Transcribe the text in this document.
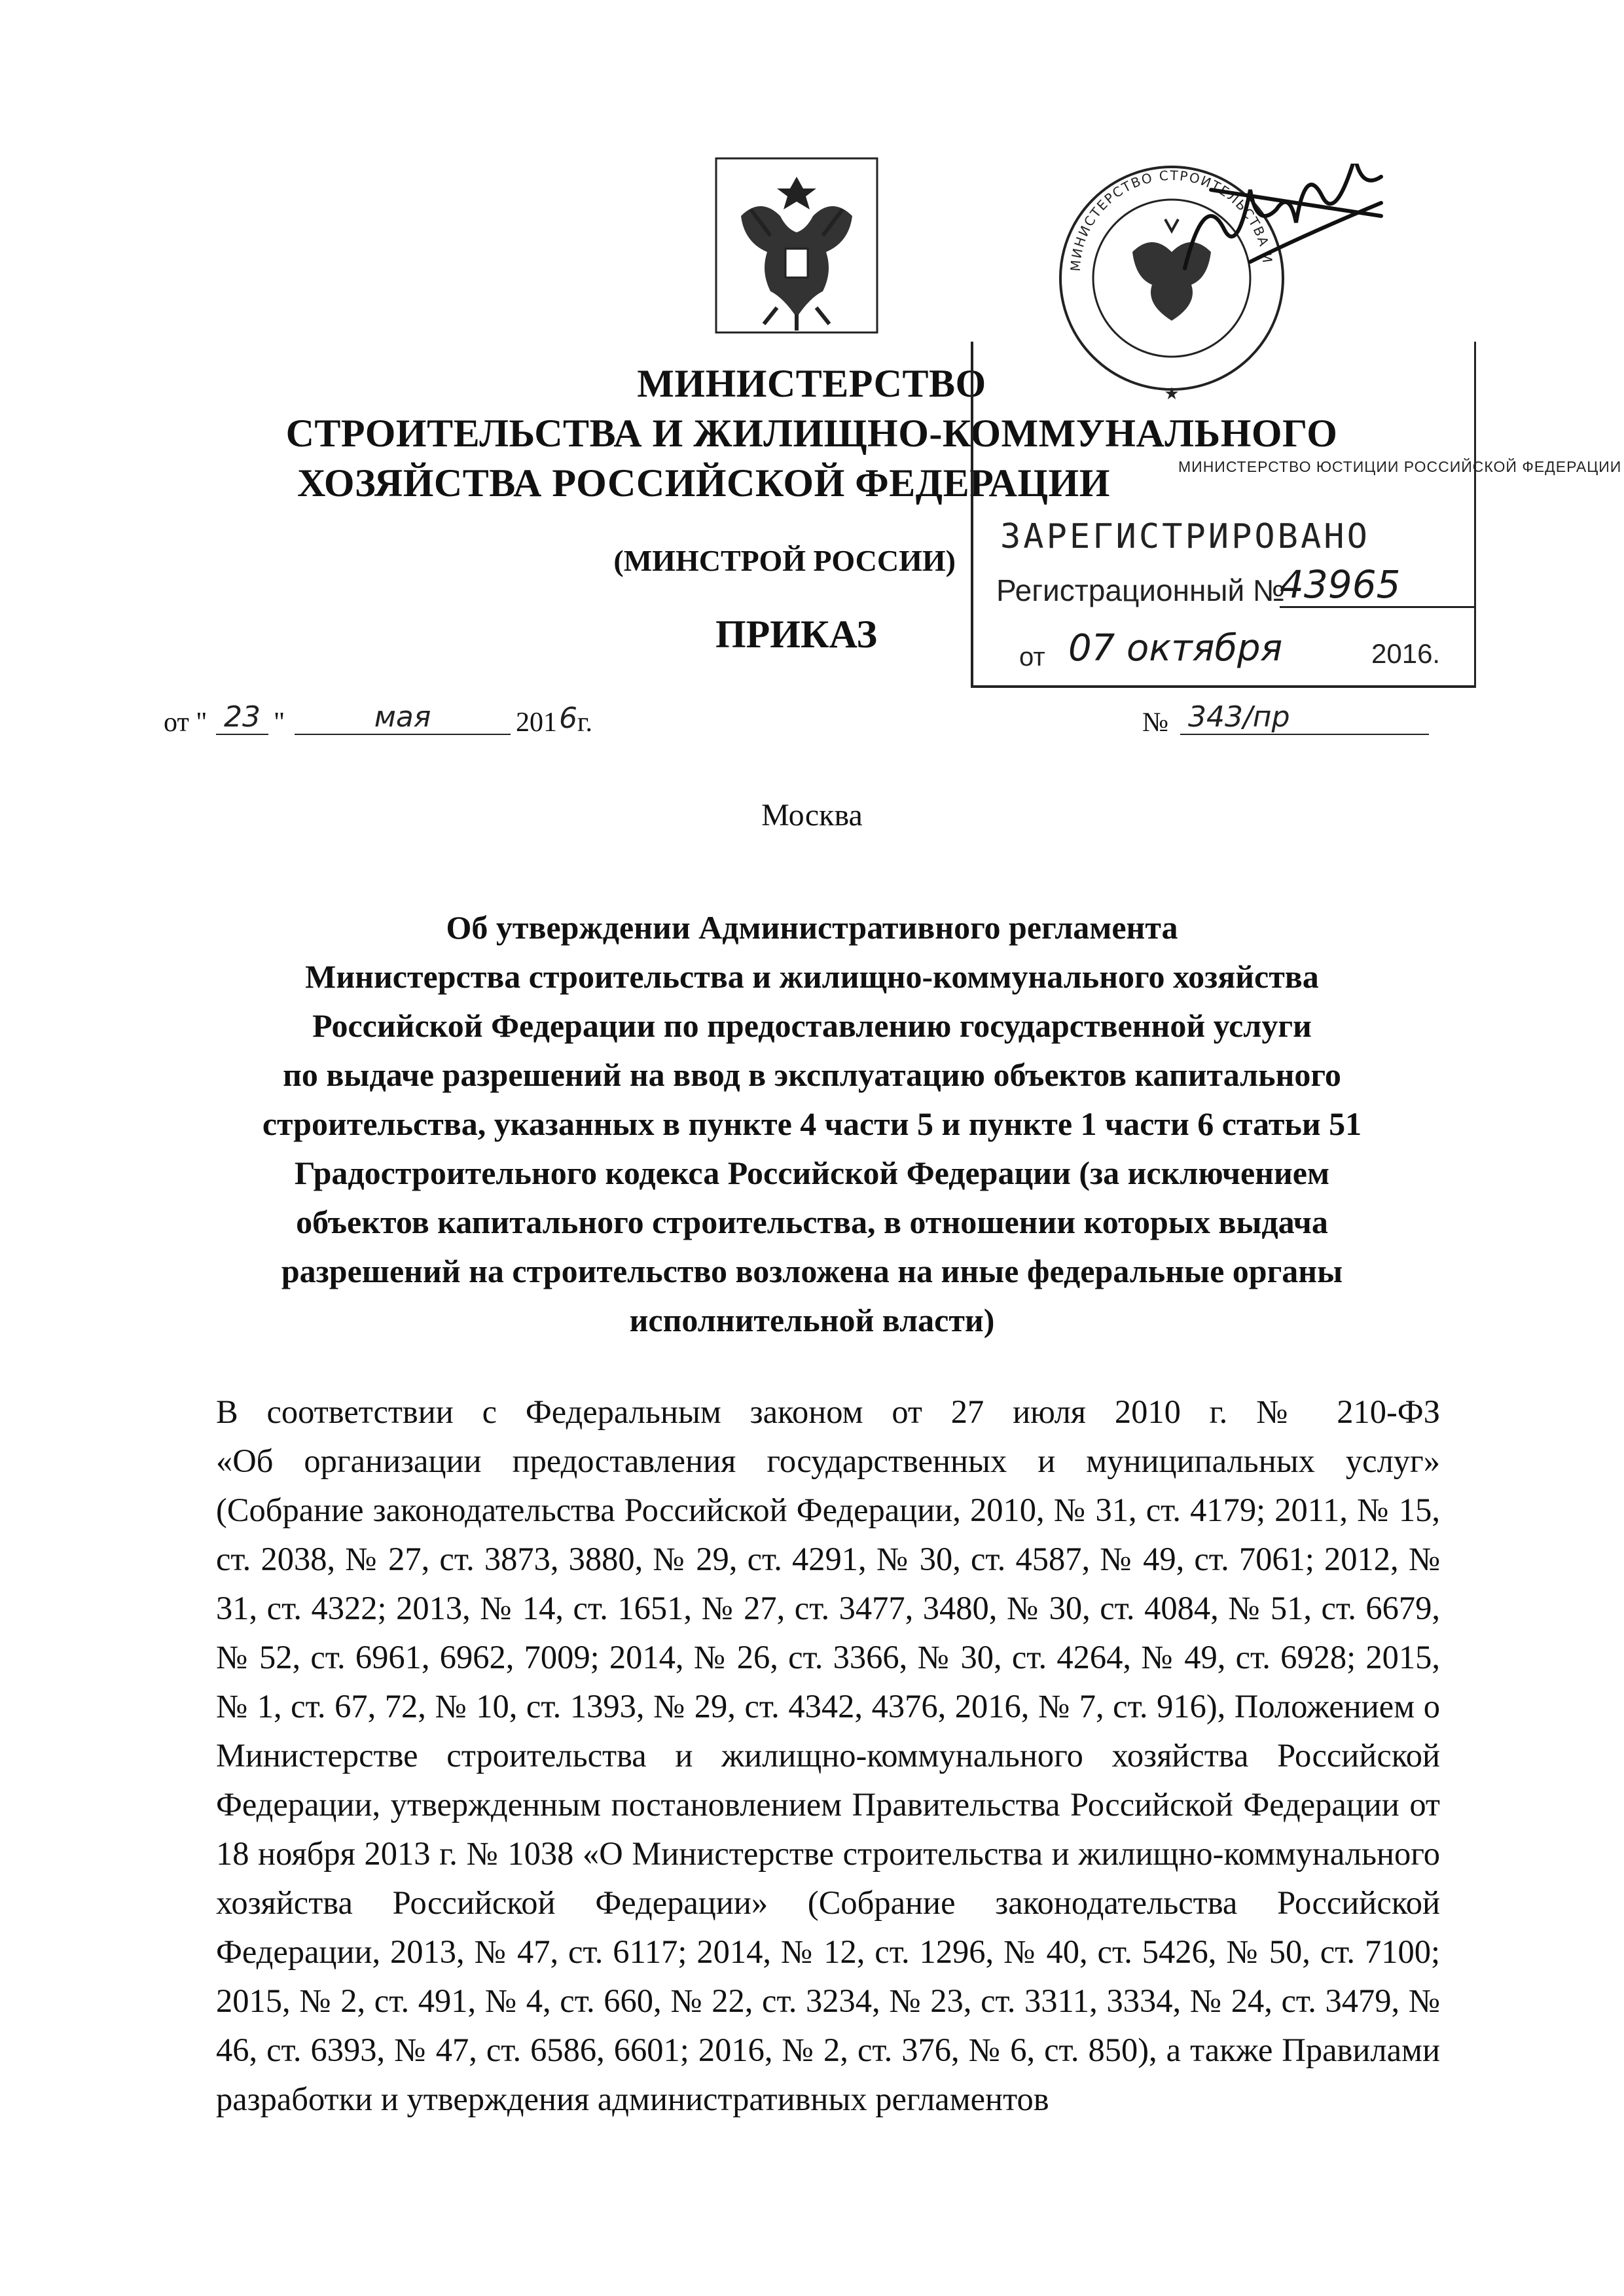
МИНИСТЕРСТВО СТРОИТЕЛЬСТВА И
★
МИНИСТЕРСТВО
СТРОИТЕЛЬСТВА И ЖИЛИЩНО-КОММУНАЛЬНОГО
ХОЗЯЙСТВА РОССИЙСКОЙ ФЕДЕРАЦИИ	МИНИСТЕРСТВО ЮСТИЦИИ РОССИЙСКОЙ ФЕДЕРАЦИИ
ЗАРЕГИСТРИРОВАНО
Регистрационный №
43965
от 07 октября	2016.
(МИНСТРОЙ РОССИИ)
ПРИКАЗ
от " 23 "	мая	201 6 г.	№ 343/пр
Москва
Об утверждении Административного регламента
Министерства строительства и жилищно-коммунального хозяйства
Российской Федерации по предоставлению государственной услуги
по выдаче разрешений на ввод в эксплуатацию объектов капитального
строительства, указанных в пункте 4 части 5 и пункте 1 части 6 статьи 51
Градостроительного кодекса Российской Федерации (за исключением
объектов капитального строительства, в отношении которых выдача
разрешений на строительство возложена на иные федеральные органы
исполнительной власти)
В соответствии с Федеральным законом от 27 июля 2010 г. № 210-ФЗ
«Об организации предоставления государственных и муниципальных услуг» (Собрание законодательства Российской Федерации, 2010, № 31, ст. 4179; 2011, № 15, ст. 2038, № 27, ст. 3873, 3880, № 29, ст. 4291, № 30, ст. 4587, № 49, ст. 7061; 2012, № 31, ст. 4322; 2013, № 14, ст. 1651, № 27, ст. 3477, 3480, № 30, ст. 4084, № 51, ст. 6679, № 52, ст. 6961, 6962, 7009; 2014, № 26, ст. 3366, № 30, ст. 4264, № 49, ст. 6928; 2015, № 1, ст. 67, 72, № 10, ст. 1393, № 29, ст. 4342, 4376, 2016, № 7, ст. 916), Положением о Министерстве строительства и жилищно-коммунального хозяйства Российской Федерации, утвержденным постановлением Правительства Российской Федерации от 18 ноября 2013 г. № 1038 «О Министерстве строительства и жилищно-коммунального хозяйства Российской Федерации» (Собрание законодательства Российской Федерации, 2013, № 47, ст. 6117; 2014, № 12, ст. 1296, № 40, ст. 5426, № 50, ст. 7100; 2015, № 2, ст. 491, № 4, ст. 660, № 22, ст. 3234, № 23, ст. 3311, 3334, № 24, ст. 3479, № 46, ст. 6393, № 47, ст. 6586, 6601; 2016, № 2, ст. 376, № 6, ст. 850), а также Правилами разработки и утверждения административных регламентов
